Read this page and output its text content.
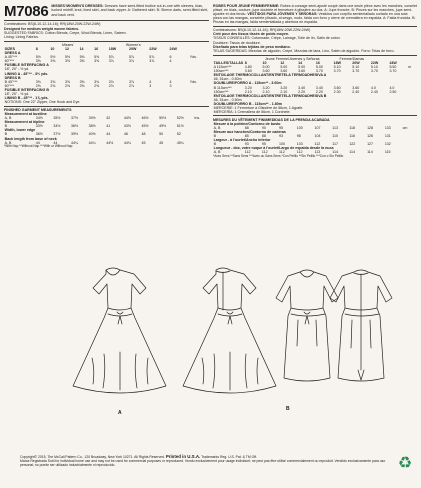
M7086 MISSES'/WOMEN'S DRESSES: Dresses have semi-fitted bodice cut-in-one with sleeves, bias, tucked midriff, knot, lined skirt, and back zipper. A: Gathered skirt. B: Sleeve darts, semi-fitted skirt, and back vent.
Combinations: BS(8-10-12-14-16); RR(18W-20W-22W-24W)
Designed for medium weight woven fabrics.
SUGGESTED FABRICS: Cotton Blends, Crepe, Wool Blends, Linen, Sateen.
Lining: Lining Fabrics.
Misses'	Women's
SIZES	8	10	12	14	16	18W	20W	22W	24W	
DRESS A										
A 45"***	5½	5½	5½	5⅝	5⅝	5⅞	5⅞	5⅞	6	Yds.
60"***	3⅝	3⅝	3⅝	3⅝	3⅝	3⅞	3⅞	3⅞	4	
FUSIBLE INTERFACING A										
18", 20" - ½ yd.										
LINING A - 45"** - 3½ yds.										
DRESS B										
B 45"***	3⅝	3⅝	3⅝	3⅝	3¾	3⅞	3⅞	4	4	Yds.
60"***	2⅝	2⅝	2⅝	2⅝	2⅝	2⅞	2⅞	3	3	
FUSIBLE INTERFACING B										
18", 20" - ½ yd.										
LINING B - 45"** - 1⅞ yds.										
NOTIONS: One 22" Zipper, One Hook and Eye.										
FINISHED GARMENT MEASUREMENTS
Measurement at bustline										
A, B	34½	35½	37½	39½	42	44½	46½	50½	52½	Ins.
Measurement at hipline										
B	33½	34½	36½	38½	41	43½	45½	49½	51½	
Width, lower edge										
B	36½	37½	39½	40½	44	46	48	50	52	
Back length from base of neck										
A, B	44	44	44¼	44¼	44½	44¾	45	45	45¼	
*With Nap **Without Nap ***With or Without Nap
ROBES POUR JEUNE FEMME/FEMME: Robes à corsage semi-ajusté coupé dans une seule pièce avec les manches, corselet plissé, en biais, couture, jupe doublée et fermeture à glissière au dos. A: Jupe froncée. B: Pinces sur les manches, jupe semi-ajustée et dos fendu. VESTIDOS PARA JÓVENES Y SEÑORAS: Vestidos con corpiño semientallado cortado en una sola pieza con las mangas, corselete plisado, al sesgo, nudo, falda con forro y cierre de cremallera en espalda. A: Falda fruncida. B: Pinzas en las mangas, falda semientallada y abertura en espalda.
Combinaisons: BS(8-10-12-14-16); RR(18W-20W-22W-24W)
Créé pour des tissus tissés de poids moyen.
TISSUS CONSEILLÉS: Cotonnade, Crêpe, Lainage, Toile de lin, Satin de coton.
Doublure: Tissus de doublure.
Diseñado para telas tejidas de peso mediano.
TELAS SUGERIDAS: Mezclas de algodón, Crepé, Mezclas de lana, Lino, Satén de algodón. Forro: Telas de forro.
Jeune Femme/Jóvenes y Señoras	Femme/Damas
TAILLES/TALLAS	8	10	12	14	16	18W	20W	22W	24W	
A 115cm***	4.80	5.00	5.00	5.00	5.00	5.10	5.10	5.10	5.50	m
150cm***	3.60	3.60	3.60	3.60	3.70	3.70	3.70	3.70	3.70	
ENTOILAGE THERMOCOLLANT/ENTRETELA TERMOADHESIVA A										
46, 51cm - 0.50m										
DOUBLURE/FORRO A - 115cm** - 3.60m										
B 115cm***	3.20	3.20	3.20	3.40	3.40	3.60	3.60	4.0	4.0	
150cm***	2.10	2.10	2.10	2.20	2.20	2.30	2.40	2.40	2.50	
ENTOILAGE THERMOCOLLANT/ENTRETELA TERMOADHESIVA B										
46, 51cm - 0.50m										
DOUBLURE/FORRO B - 115cm** - 1.80m										
MERCERIE: 1 Fermeture à Glissière de 56cm, 1 Agrafe.										
MERCERÍA: 1 Cremallera de 56cm, 1 Corchete.										
MESURES DU VÊTEMENT FINI/MEDIDAS DE LA PRENDA ACABADA
Mesure à la poitrine/Contorno de busto										
A, B	88	90	95	100	107	113	118	128	133	cm
Mesure aux hanches/Contorno de caderas										
B	85	88	93	98	104	110	116	126	131	
Largeur - à l'ourlet/Ancho inferior										
B	93	95	100	103	112	117	122	127	132	
Longueur - dos, votre nuque à l'ourlet/Largo de espalda desde la nuca										
A, B	112	112	112	112	113	114	114	114	115	
*Avec Sens **Sans Sens ***Avec ou Sans Sens *Con Pelillo **Sin Pelillo ***Con o Sin Pelillo
A
B
Copyright© 2015, The McCall Pattern Co., 120 Broadway, New York 10271. All Rights Reserved. Printed in U.S.A. Trademarks Reg. U.S. Pat. & TM Off.
Marca Registrada Sold for individual home use and may not be used for commercial purposes or reproduced. Vendu exclusivement pour usage individuel; ne peut pas être utilisé commercialement ou reproduit. Vendido exclusivamente para uso personal; no puede ser utilizado industrialmente ni reproducido.	♻
